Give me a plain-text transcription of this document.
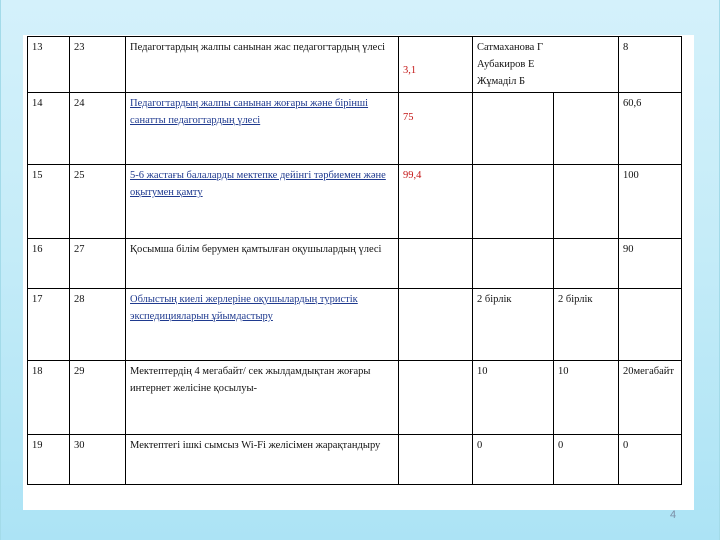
13	23	Педагогтардың жалпы санынан жас педагогтардың үлесі	3,1	Сатмаханова Г
Аубакиров Е
Жұмаділ Б		8
14	24	Педагогтардың жалпы санынан жоғары және бірінші санатты педагогтардың үлесі	75			60,6
15	25	5-6 жастағы балаларды мектепке дейінгі тәрбиемен және оқытумен қамту	99,4			100
16	27	Қосымша білім берумен қамтылған оқушылардың үлесі				90
17	28	Облыстың киелі жерлеріне оқушылардың туристік экспедицияларын ұйымдастыру		2 бірлік	2 бірлік	
18	29	Мектептердің 4 мегабайт/ сек жылдамдықтан жоғары интернет желісіне қосылуы-		10	10	20мегабайт
19	30	Мектептегі ішкі сымсыз Wi-Fi желісімен жарақтандыру		0	0	0
4
